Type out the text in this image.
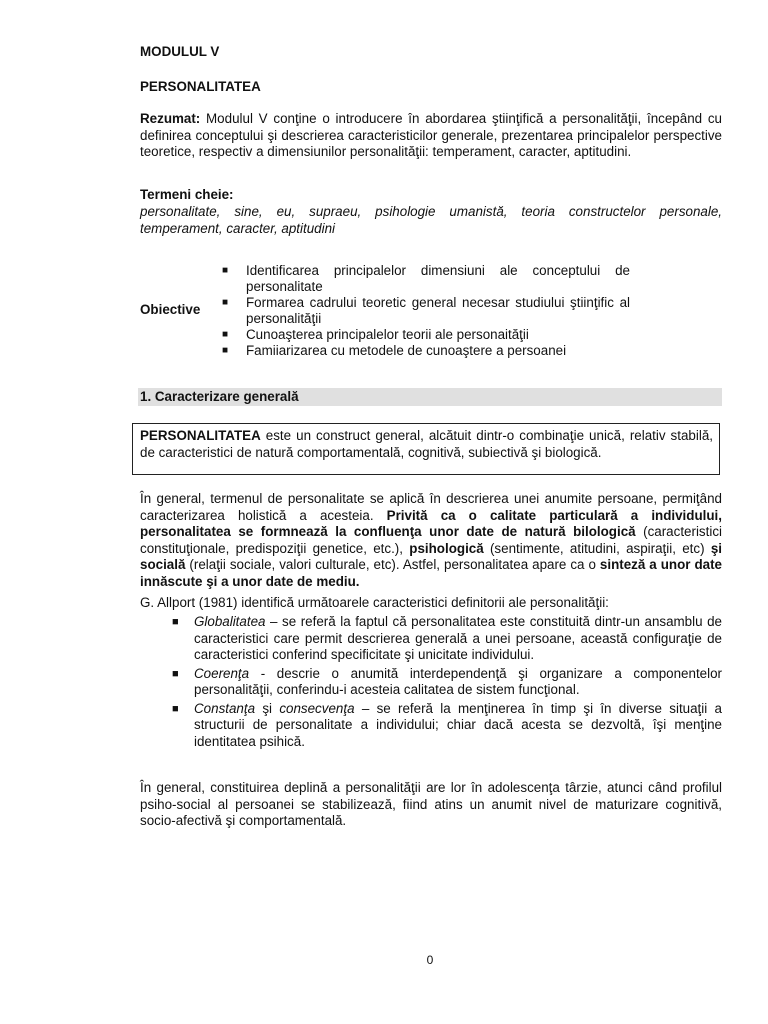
MODULUL V
PERSONALITATEA
Rezumat: Modulul V conţine o introducere în abordarea ştiinţifică a personalităţii, începând cu definirea conceptului şi descrierea caracteristicilor generale, prezentarea principalelor perspective teoretice, respectiv a dimensiunilor personalităţii: temperament, caracter, aptitudini.
Termeni cheie:
personalitate, sine, eu, supraeu, psihologie umanistă, teoria constructelor personale, temperament, caracter, aptitudini
Obiective
■ Identificarea principalelor dimensiuni ale conceptului de personalitate
■ Formarea cadrului teoretic general necesar studiului ştiinţific al personalităţii
■ Cunoaşterea principalelor teorii ale personaităţii
■ Famiiarizarea cu metodele de cunoaştere a persoanei
1. Caracterizare generală
PERSONALITATEA este un construct general, alcătuit dintr-o combinaţie unică, relativ stabilă, de caracteristici de natură comportamentală, cognitivă, subiectivă şi biologică.
În general, termenul de personalitate se aplică în descrierea unei anumite persoane, permiţând caracterizarea holistică a acesteia. Privită ca o calitate particulară a individului, personalitatea se formnează la confluenţa unor date de natură bilologică (caracteristici constituţionale, predispoziţii genetice, etc.), psihologică (sentimente, atitudini, aspiraţii, etc) şi socială (relaţii sociale, valori culturale, etc). Astfel, personalitatea apare ca o sinteză a unor date innăscute şi a unor date de mediu.
G. Allport (1981) identifică următoarele caracteristici definitorii ale personalităţii:
■ Globalitatea – se referă la faptul că personalitatea este constituită dintr-un ansamblu de caracteristici care permit descrierea generală a unei persoane, această configuraţie de caracteristici conferind specificitate şi unicitate individului.
■ Coerenţa - descrie o anumită interdependenţă şi organizare a componentelor personalităţii, conferindu-i acesteia calitatea de sistem funcţional.
■ Constanţa şi consecvenţa – se referă la menţinerea în timp şi în diverse situaţii a structurii de personalitate a individului; chiar dacă acesta se dezvoltă, îşi menţine identitatea psihică.
În general, constituirea deplină a personalităţii are lor în adolescenţa târzie, atunci când profilul psiho-social al persoanei se stabilizează, fiind atins un anumit nivel de maturizare cognitivă, socio-afectivă şi comportamentală.
0
